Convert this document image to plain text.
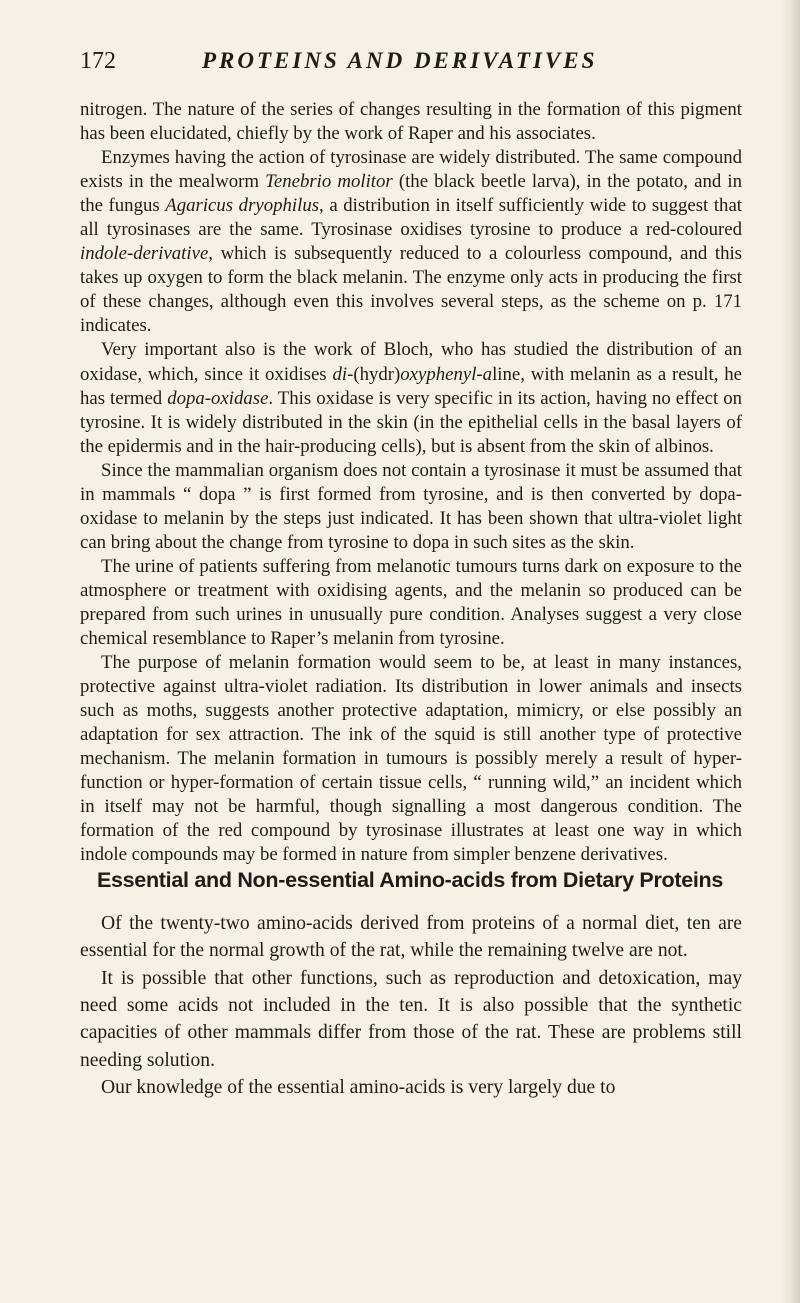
172	PROTEINS AND DERIVATIVES

nitrogen. The nature of the series of changes resulting in the formation of this pigment has been elucidated, chiefly by the work of Raper and his associates.

Enzymes having the action of tyrosinase are widely distributed. The same compound exists in the mealworm Tenebrio molitor (the black beetle larva), in the potato, and in the fungus Agaricus dryophilus, a distribution in itself sufficiently wide to suggest that all tyrosinases are the same. Tyrosinase oxidises tyrosine to produce a red-coloured indole-derivative, which is subsequently reduced to a colourless compound, and this takes up oxygen to form the black melanin. The enzyme only acts in producing the first of these changes, although even this involves several steps, as the scheme on p. 171 indicates.

Very important also is the work of Bloch, who has studied the distribution of an oxidase, which, since it oxidises di-(hydr)oxyphenyl-aline, with melanin as a result, he has termed dopa-oxidase. This oxidase is very specific in its action, having no effect on tyrosine. It is widely distributed in the skin (in the epithelial cells in the basal layers of the epidermis and in the hair-producing cells), but is absent from the skin of albinos.

Since the mammalian organism does not contain a tyrosinase it must be assumed that in mammals “ dopa ” is first formed from tyrosine, and is then converted by dopa-oxidase to melanin by the steps just indicated. It has been shown that ultra-violet light can bring about the change from tyrosine to dopa in such sites as the skin.

The urine of patients suffering from melanotic tumours turns dark on exposure to the atmosphere or treatment with oxidising agents, and the melanin so produced can be prepared from such urines in unusually pure condition. Analyses suggest a very close chemical resemblance to Raper’s melanin from tyrosine.

The purpose of melanin formation would seem to be, at least in many instances, protective against ultra-violet radiation. Its distribution in lower animals and insects such as moths, suggests another protective adaptation, mimicry, or else possibly an adaptation for sex attraction. The ink of the squid is still another type of protective mechanism. The melanin formation in tumours is possibly merely a result of hyper-function or hyper-formation of certain tissue cells, “ running wild,” an incident which in itself may not be harmful, though signalling a most dangerous condition. The formation of the red compound by tyrosinase illustrates at least one way in which indole compounds may be formed in nature from simpler benzene derivatives.

Essential and Non-essential Amino-acids from Dietary Proteins

Of the twenty-two amino-acids derived from proteins of a normal diet, ten are essential for the normal growth of the rat, while the remaining twelve are not.

It is possible that other functions, such as reproduction and detoxication, may need some acids not included in the ten. It is also possible that the synthetic capacities of other mammals differ from those of the rat. These are problems still needing solution.

Our knowledge of the essential amino-acids is very largely due to
